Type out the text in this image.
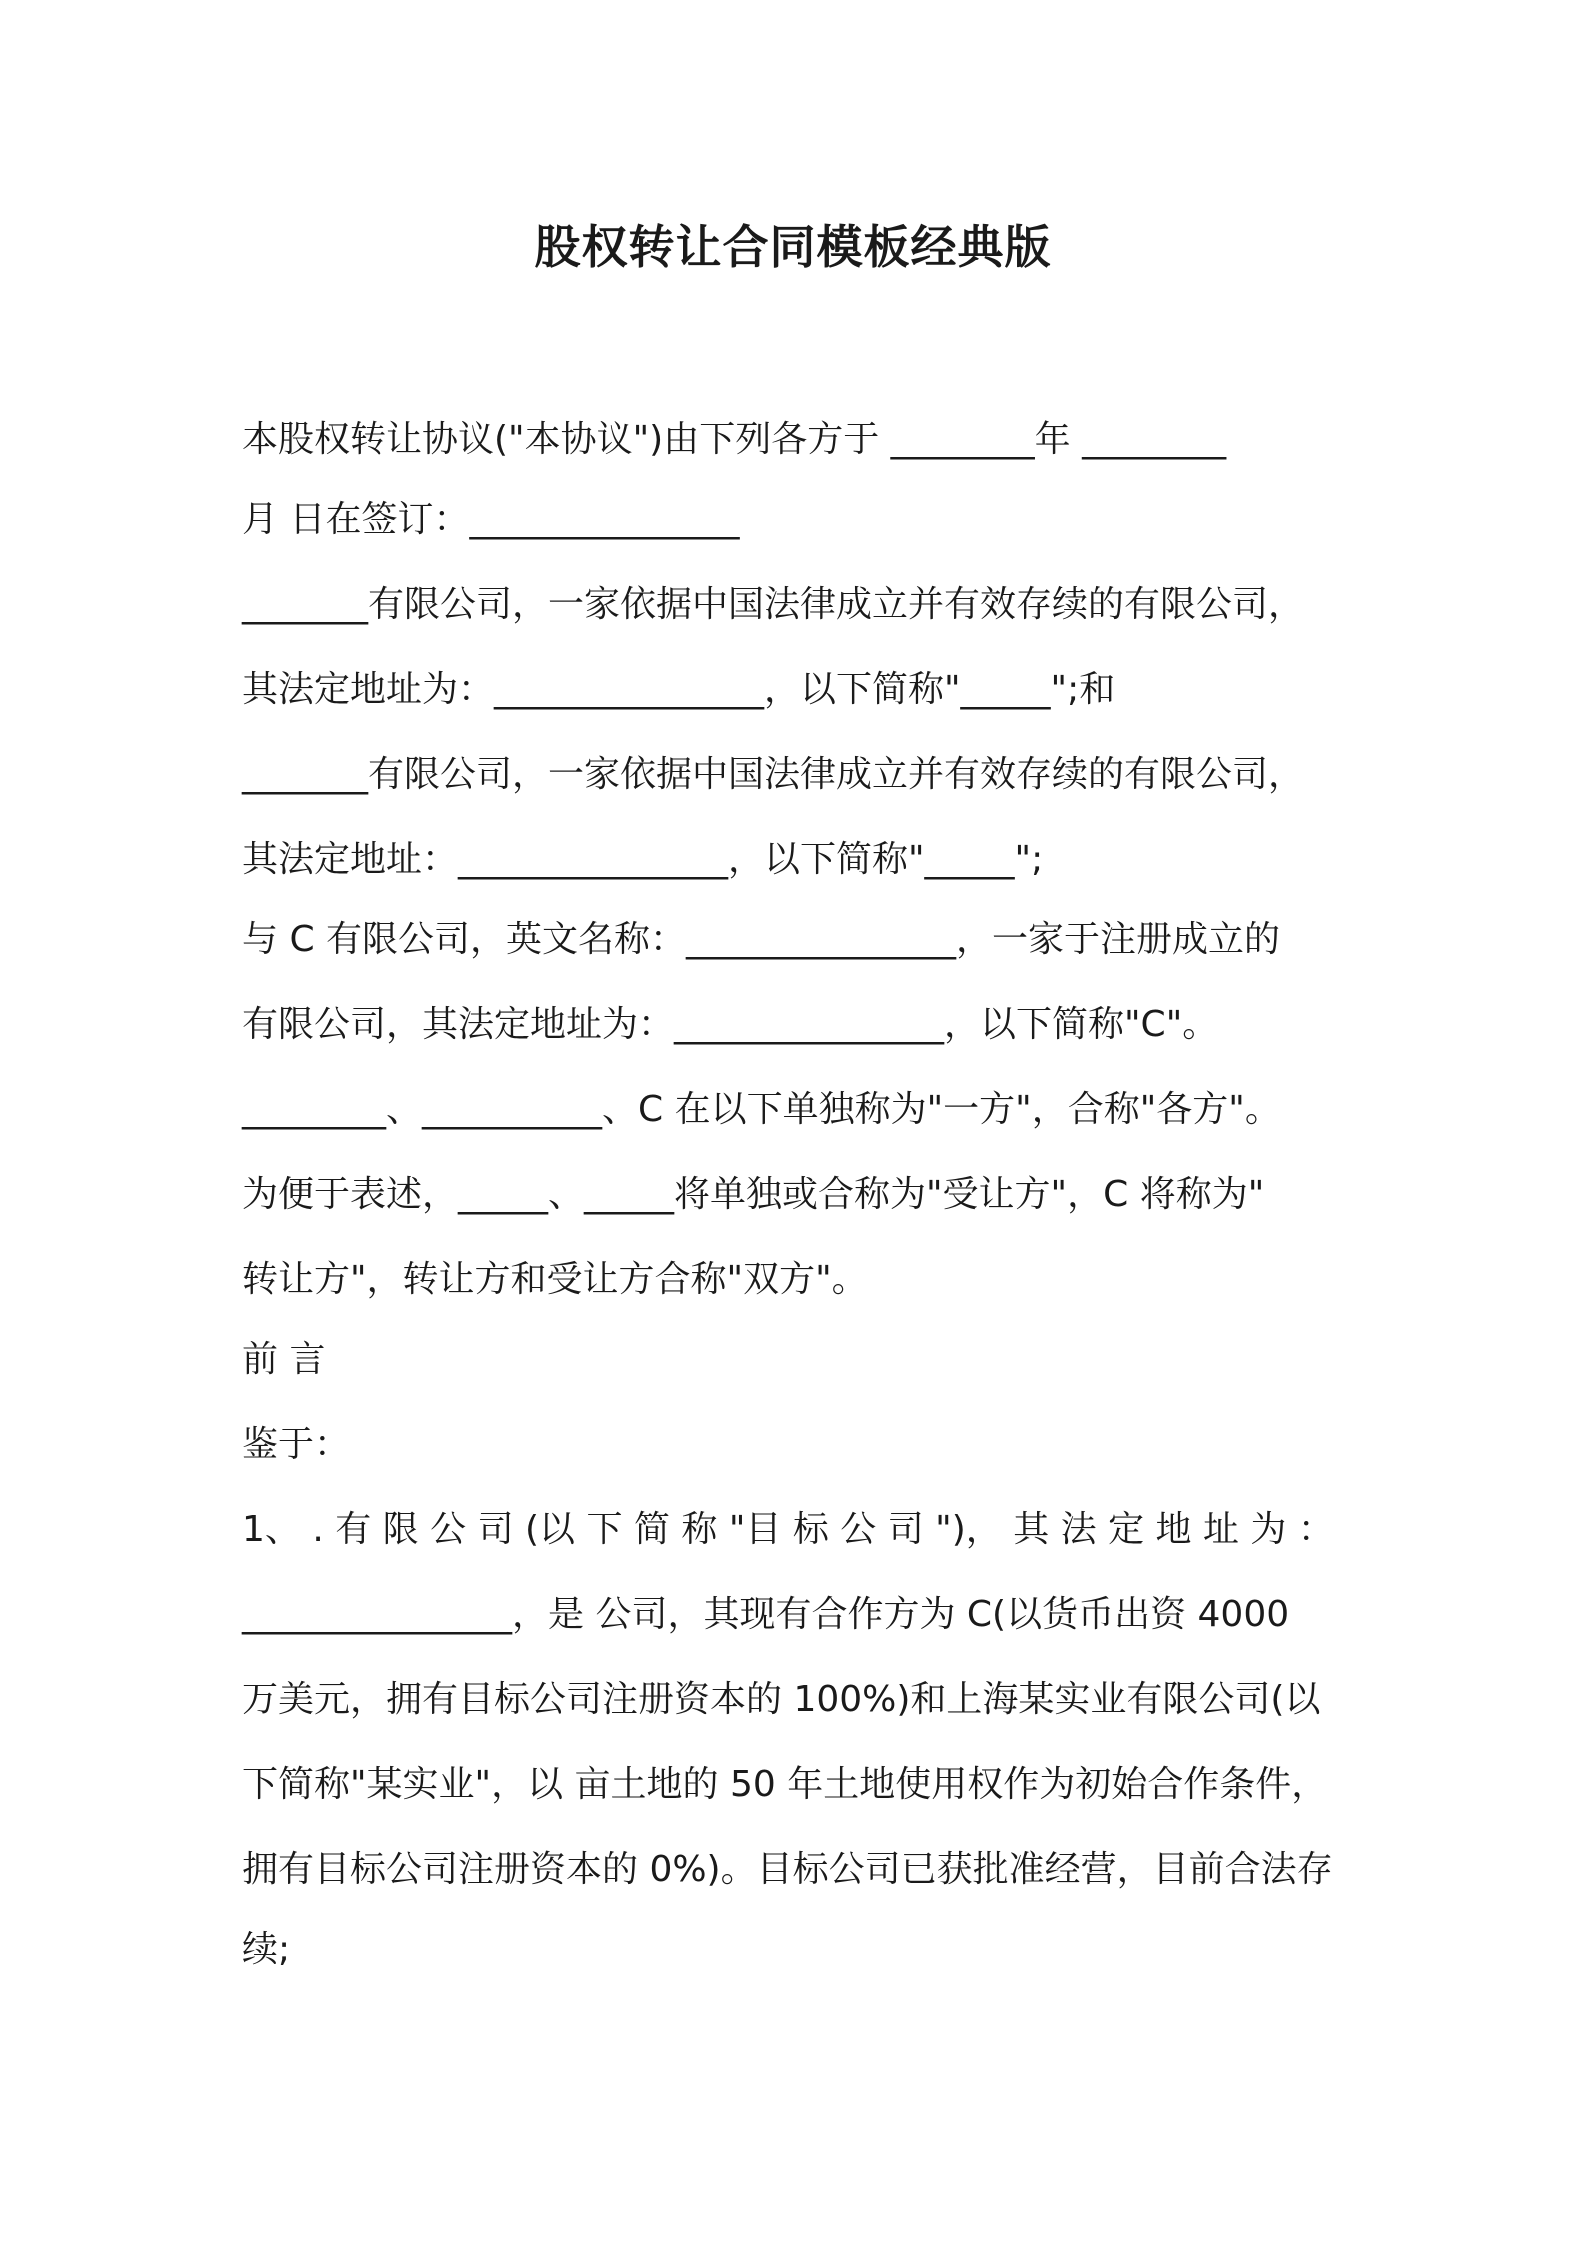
股权转让合同模板经典版
本股权转让协议("本协议")由下列各方于 ________年 ________
月 日在签订：_______________
_______有限公司，一家依据中国法律成立并有效存续的有限公司，
其法定地址为：_______________，以下简称"_____";和
_______有限公司，一家依据中国法律成立并有效存续的有限公司，
其法定地址：_______________，以下简称"_____";
与 C 有限公司，英文名称：_______________，一家于注册成立的
有限公司，其法定地址为：_______________，以下简称"C"。
________、__________、C 在以下单独称为"一方"，合称"各方"。
为便于表述，_____、_____将单独或合称为"受让方"，C 将称为"
转让方"，转让方和受让方合称"双方"。
前 言
鉴于：
1、 . 有 限 公 司 (以 下 简 称 "目 标 公 司 ")， 其 法 定 地 址 为 ：
_______________，是 公司，其现有合作方为 C(以货币出资 4000
万美元，拥有目标公司注册资本的 100%)和上海某实业有限公司(以
下简称"某实业"，以 亩土地的 50 年土地使用权作为初始合作条件，
拥有目标公司注册资本的 0%)。目标公司已获批准经营，目前合法存
续;
